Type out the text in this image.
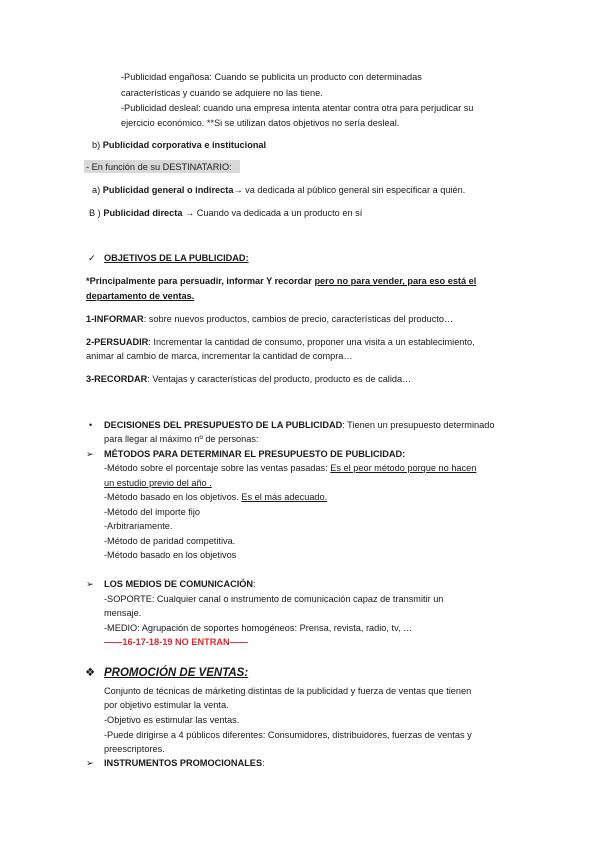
-Publicidad engañosa: Cuando se publicita un producto con determinadas
características y cuando se adquiere no las tiene.
-Publicidad desleal: cuando una empresa intenta atentar contra otra para perjudicar su
ejercicio económico. **Si se utilizan datos objetivos no sería desleal.
b) Publicidad corporativa e institucional
- En función de su DESTINATARIO:
a) Publicidad general o indirecta→ va dedicada al público general sin especificar a quién.
B ) Publicidad directa → Cuando va dedicada a un producto en sí
✓ OBJETIVOS DE LA PUBLICIDAD:
*Principalmente para persuadir, informar Y recordar pero no para vender, para eso está el
departamento de ventas.
1-INFORMAR: sobre nuevos productos, cambios de precio, características del producto…
2-PERSUADIR: Incrementar la cantidad de consumo, proponer una visita a un establecimiento,
animar al cambio de marca, incrementar la cantidad de compra…
3-RECORDAR: Ventajas y características del producto, producto es de calida…
• DECISIONES DEL PRESUPUESTO DE LA PUBLICIDAD: Tienen un presupuesto determinado
para llegar al máximo nº de personas:
➢ MÉTODOS PARA DETERMINAR EL PRESUPUESTO DE PUBLICIDAD:
-Método sobre el porcentaje sobre las ventas pasadas: Es el peor método porque no hacen
un estudio previo del año .
-Método basado en los objetivos. Es el más adecuado.
-Método del importe fijo
-Arbitrariamente.
-Método de paridad competitiva.
-Método basado en los objetivos
➢ LOS MEDIOS DE COMUNICACIÓN:
-SOPORTE: Cualquier canal o instrumento de comunicación capaz de transmitir un
mensaje.
-MEDIO: Agrupación de soportes homogéneos: Prensa, revista, radio, tv, …
——16-17-18-19 NO ENTRAN——
❖ PROMOCIÓN DE VENTAS:
Conjunto de técnicas de márketing distintas de la publicidad y fuerza de ventas que tienen
por objetivo estimular la venta.
-Objetivo es estimular las ventas.
-Puede dirigirse a 4 públicos diferentes: Consumidores, distribuidores, fuerzas de ventas y
preescriptores.
➢ INSTRUMENTOS PROMOCIONALES:
